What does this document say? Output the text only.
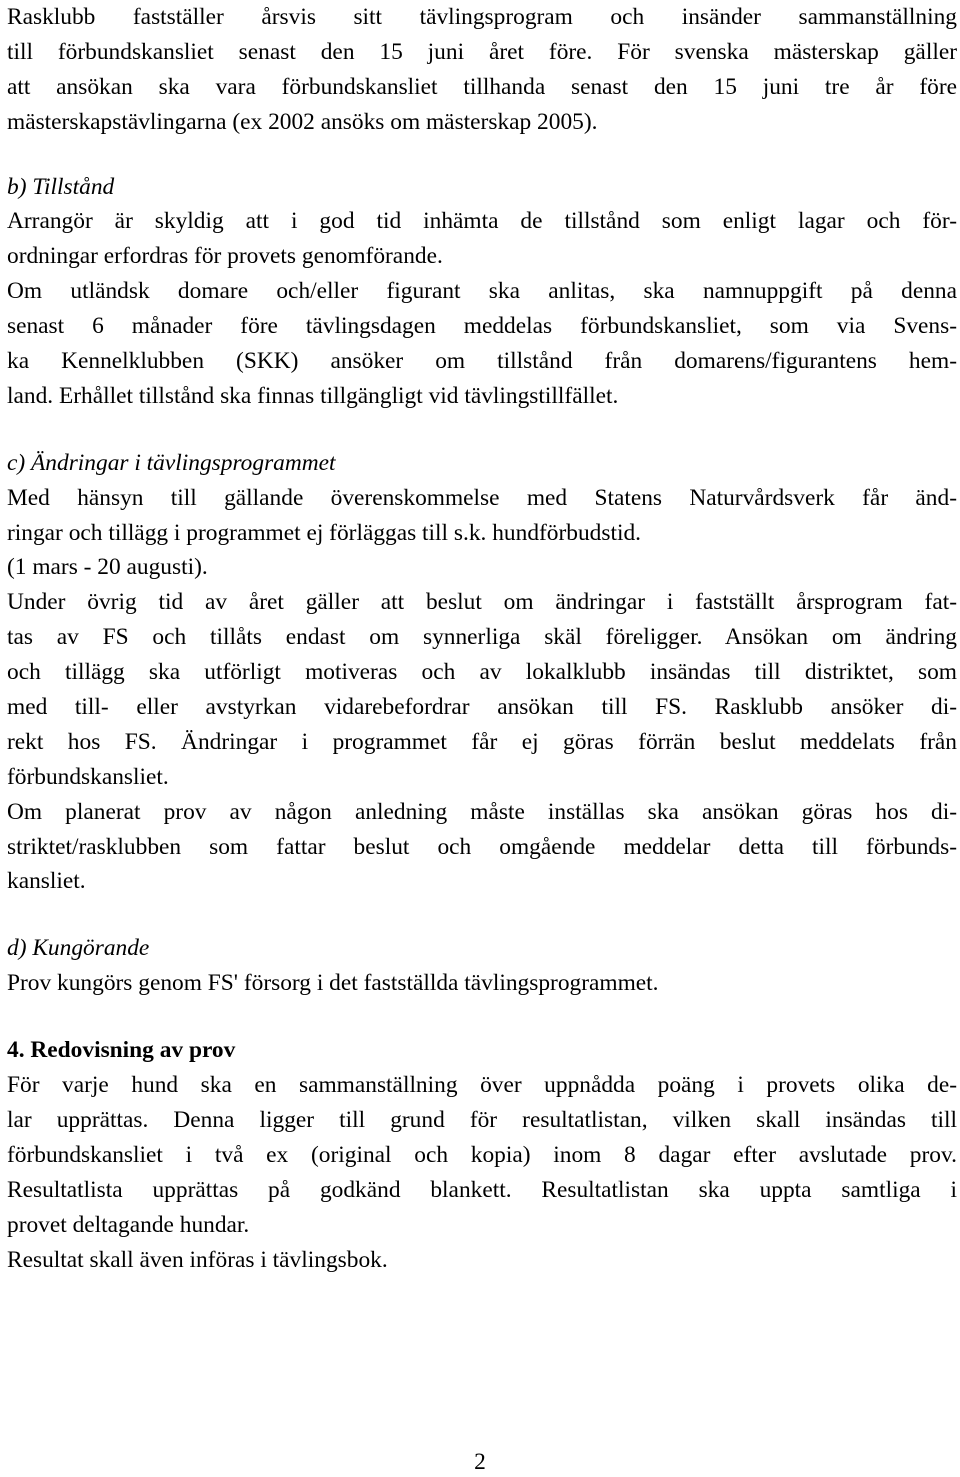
Rasklubb fastställer årsvis sitt tävlingsprogram och insänder sammanställning
till förbundskansliet senast den 15 juni året före. För svenska mästerskap gäller
att ansökan ska vara förbundskansliet tillhanda senast den 15 juni tre år före
mästerskapstävlingarna (ex 2002 ansöks om mästerskap 2005).
b) Tillstånd
Arrangör är skyldig att i god tid inhämta de tillstånd som enligt lagar och för-
ordningar erfordras för provets genomförande.
Om utländsk domare och/eller figurant ska anlitas, ska namnuppgift på denna
senast 6 månader före tävlingsdagen meddelas förbundskansliet, som via Svens-
ka Kennelklubben (SKK) ansöker om tillstånd från domarens/figurantens hem-
land. Erhållet tillstånd ska finnas tillgängligt vid tävlingstillfället.
c) Ändringar i tävlingsprogrammet
Med hänsyn till gällande överenskommelse med Statens Naturvårdsverk får änd-
ringar och tillägg i programmet ej förläggas till s.k. hundförbudstid.
(1 mars - 20 augusti).
Under övrig tid av året gäller att beslut om ändringar i fastställt årsprogram fat-
tas av FS och tillåts endast om synnerliga skäl föreligger. Ansökan om ändring
och tillägg ska utförligt motiveras och av lokalklubb insändas till distriktet, som
med till- eller avstyrkan vidarebefordrar ansökan till FS. Rasklubb ansöker di-
rekt hos FS. Ändringar i programmet får ej göras förrän beslut meddelats från
förbundskansliet.
Om planerat prov av någon anledning måste inställas ska ansökan göras hos di-
striktet/rasklubben som fattar beslut och omgående meddelar detta till förbunds-
kansliet.
d) Kungörande
Prov kungörs genom FS' försorg i det fastställda tävlingsprogrammet.
4. Redovisning av prov
För varje hund ska en sammanställning över uppnådda poäng i provets olika de-
lar upprättas. Denna ligger till grund för resultatlistan, vilken skall insändas till
förbundskansliet i två ex (original och kopia) inom 8 dagar efter avslutade prov.
Resultatlista upprättas på godkänd blankett. Resultatlistan ska uppta samtliga i
provet deltagande hundar.
Resultat skall även införas i tävlingsbok.
2
